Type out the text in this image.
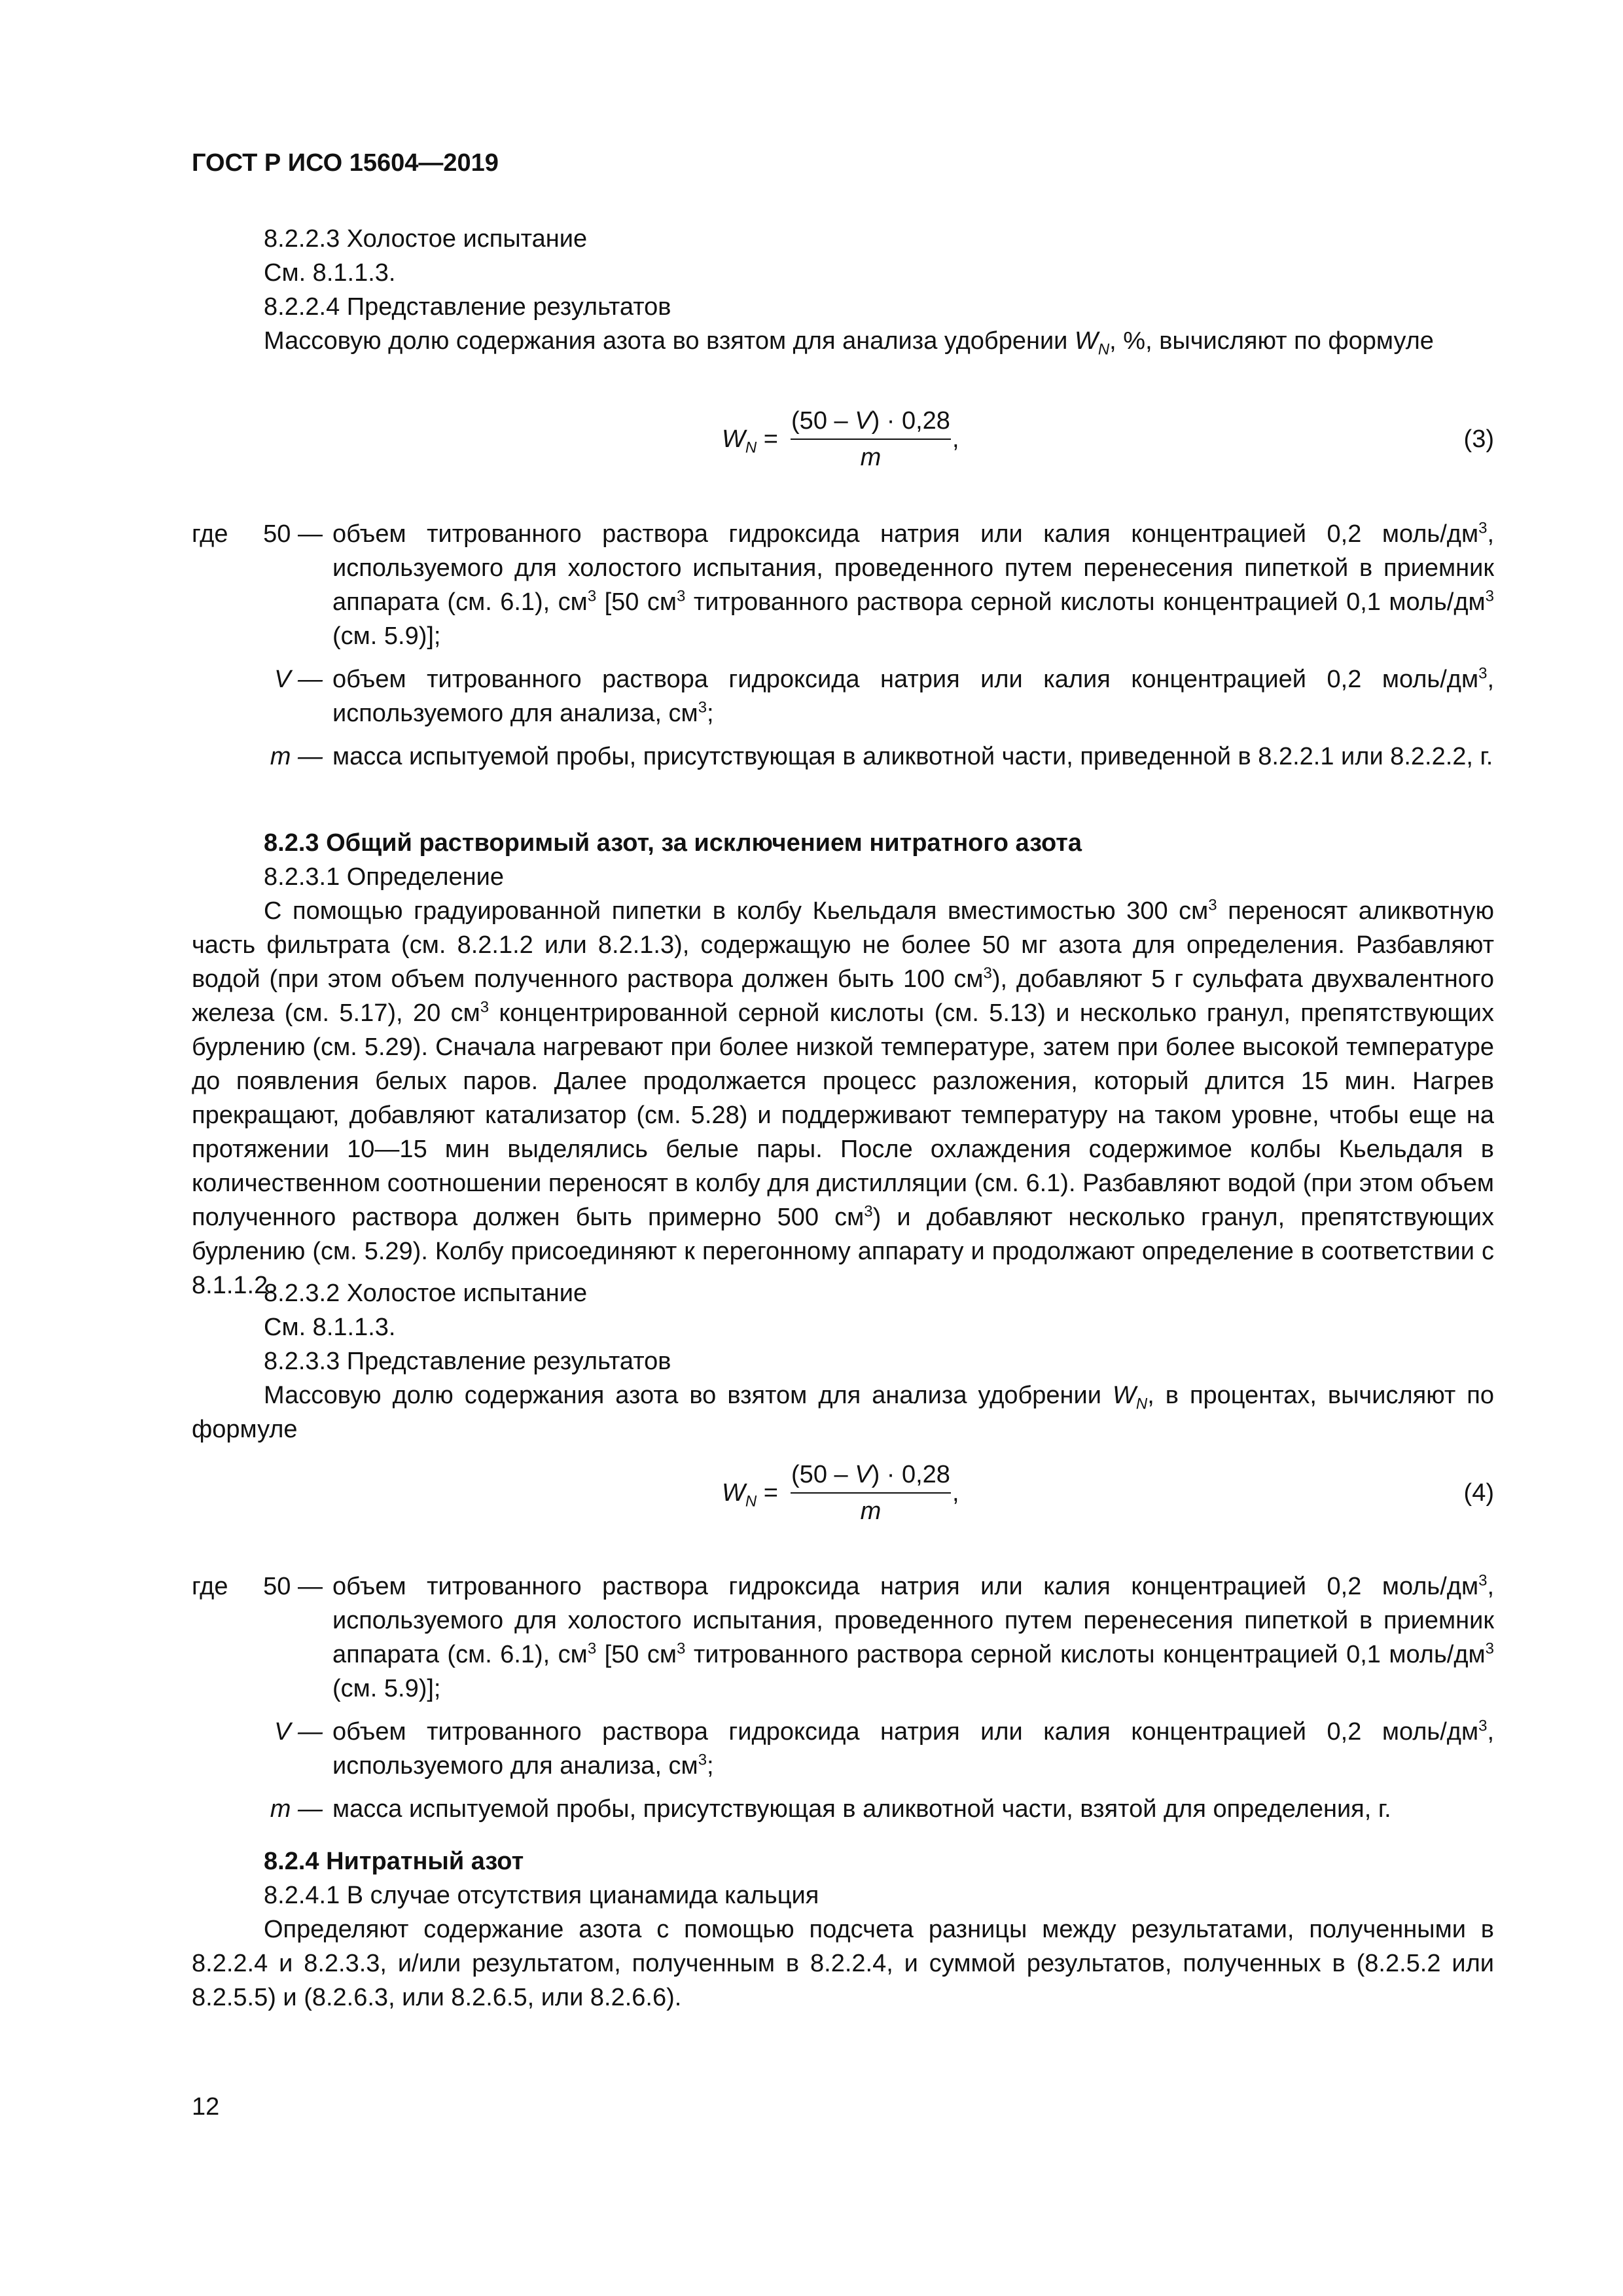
ГОСТ Р ИСО 15604—2019
8.2.2.3 Холостое испытание
См. 8.1.1.3.
8.2.2.4 Представление результатов
Массовую долю содержания азота во взятом для анализа удобрении $W_N$, %, вычисляют по формуле
$W_N$ =
(50 – V) · 0,28
m
,	(3)
где	50 — объем титрованного раствора гидроксида натрия или калия концентрацией 0,2 моль/$дм^3$, используемого для холостого испытания, проведенного путем перенесения пипеткой в приемник аппарата (см. 6.1), $см^3$ [50 $см^3$ титрованного раствора серной кислоты концентрацией 0,1 моль/$дм^3$ (см. 5.9)];
V — объем титрованного раствора гидроксида натрия или калия концентрацией 0,2 моль/$дм^3$, используемого для анализа, $см^3$;
m — масса испытуемой пробы, присутствующая в аликвотной части, приведенной в 8.2.2.1 или 8.2.2.2, г.
8.2.3 Общий растворимый азот, за исключением нитратного азота
8.2.3.1 Определение
С помощью градуированной пипетки в колбу Кьельдаля вместимостью 300 $см^3$ переносят аликвотную часть фильтрата (см. 8.2.1.2 или 8.2.1.3), содержащую не более 50 мг азота для определения. Разбавляют водой (при этом объем полученного раствора должен быть 100 $см^3$), добавляют 5 г сульфата двухвалентного железа (см. 5.17), 20 $см^3$ концентрированной серной кислоты (см. 5.13) и несколько гранул, препятствующих бурлению (см. 5.29). Сначала нагревают при более низкой температуре, затем при более высокой температуре до появления белых паров. Далее продолжается процесс разложения, который длится 15 мин. Нагрев прекращают, добавляют катализатор (см. 5.28) и поддерживают температуру на таком уровне, чтобы еще на протяжении 10—15 мин выделялись белые пары. После охлаждения содержимое колбы Кьельдаля в количественном соотношении переносят в колбу для дистилляции (см. 6.1). Разбавляют водой (при этом объем полученного раствора должен быть примерно 500 $см^3$) и добавляют несколько гранул, препятствующих бурлению (см. 5.29). Колбу присоединяют к перегонному аппарату и продолжают определение в соответствии с 8.1.1.2.
8.2.3.2 Холостое испытание
См. 8.1.1.3.
8.2.3.3 Представление результатов
Массовую долю содержания азота во взятом для анализа удобрении $W_N$, в процентах, вычисляют по формуле
$W_N$ =
(50 – V) · 0,28
m
,	(4)
где	50 — объем титрованного раствора гидроксида натрия или калия концентрацией 0,2 моль/$дм^3$, используемого для холостого испытания, проведенного путем перенесения пипеткой в приемник аппарата (см. 6.1), $см^3$ [50 $см^3$ титрованного раствора серной кислоты концентрацией 0,1 моль/$дм^3$ (см. 5.9)];
V — объем титрованного раствора гидроксида натрия или калия концентрацией 0,2 моль/$дм^3$, используемого для анализа, $см^3$;
m — масса испытуемой пробы, присутствующая в аликвотной части, взятой для определения, г.
8.2.4 Нитратный азот
8.2.4.1 В случае отсутствия цианамида кальция
Определяют содержание азота с помощью подсчета разницы между результатами, полученными в 8.2.2.4 и 8.2.3.3, и/или результатом, полученным в 8.2.2.4, и суммой результатов, полученных в (8.2.5.2 или 8.2.5.5) и (8.2.6.3, или 8.2.6.5, или 8.2.6.6).
12
